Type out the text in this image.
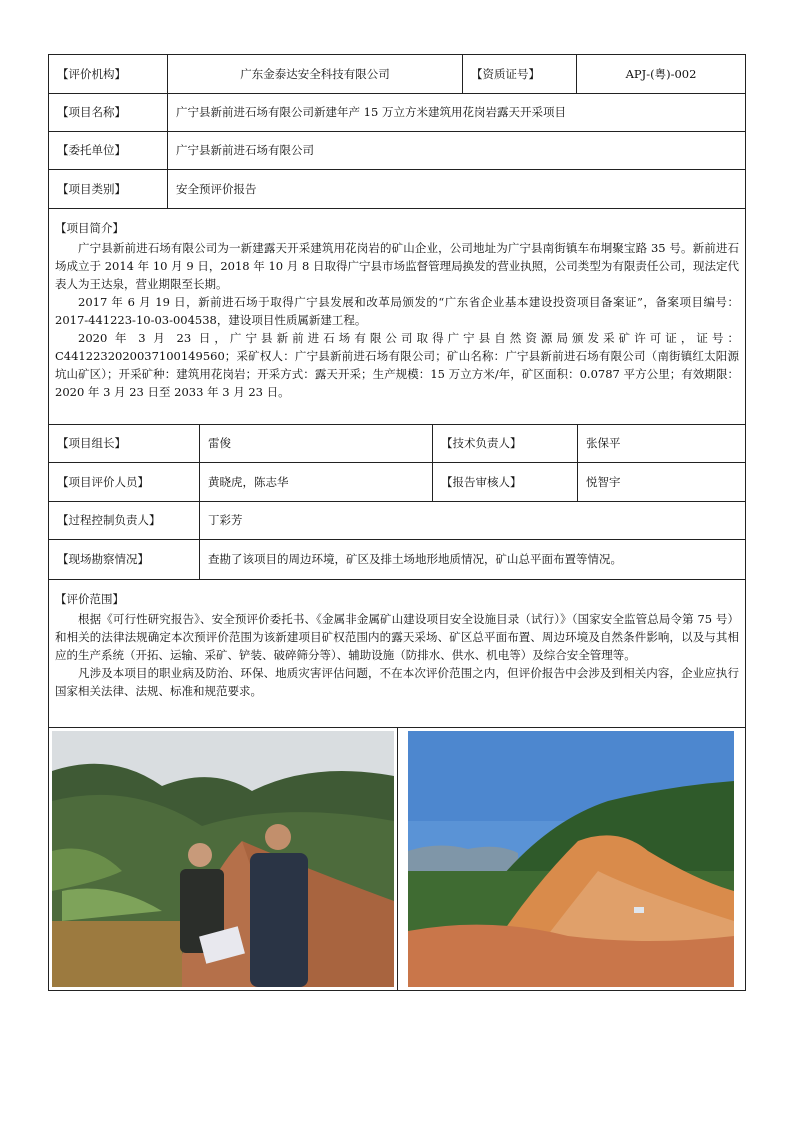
【评价机构】	广东金泰达安全科技有限公司	【资质证号】	APJ-(粤)-002
【项目名称】	广宁县新前进石场有限公司新建年产 15 万立方米建筑用花岗岩露天开采项目
【委托单位】	广宁县新前进石场有限公司
【项目类别】	安全预评价报告

【项目简介】

广宁县新前进石场有限公司为一新建露天开采建筑用花岗岩的矿山企业，公司地址为广宁县南街镇车布垌聚宝路 35 号。新前进石场成立于 2014 年 10 月 9 日，2018 年 10 月 8 日取得广宁县市场监督管理局换发的营业执照，公司类型为有限责任公司，现法定代表人为王达泉，营业期限至长期。

2017 年 6 月 19 日，新前进石场于取得广宁县发展和改革局颁发的“广东省企业基本建设投资项目备案证”，备案项目编号：2017-441223-10-03-004538，建设项目性质属新建工程。

2020 年 3 月 23 日，广宁县新前进石场有限公司取得广宁县自然资源局颁发采矿许可证，证号：C4412232020037100149560；采矿权人：广宁县新前进石场有限公司；矿山名称：广宁县新前进石场有限公司（南街镇红太阳源坑山矿区）；开采矿种：建筑用花岗岩；开采方式：露天开采；生产规模：15 万立方米/年，矿区面积：0.0787 平方公里；有效期限：2020 年 3 月 23 日至 2033 年 3 月 23 日。

【项目组长】	雷俊	【技术负责人】	张保平
【项目评价人员】	黄晓虎，陈志华	【报告审核人】	悦智宇
【过程控制负责人】	丁彩芳
【现场勘察情况】	查勘了该项目的周边环境，矿区及排土场地形地质情况，矿山总平面布置等情况。

【评价范围】

根据《可行性研究报告》、安全预评价委托书、《金属非金属矿山建设项目安全设施目录（试行）》（国家安全监管总局令第 75 号）和相关的法律法规确定本次预评价范围为该新建项目矿权范围内的露天采场、矿区总平面布置、周边环境及自然条件影响，以及与其相应的生产系统（开拓、运输、采矿、铲装、破碎筛分等）、辅助设施（防排水、供水、机电等）及综合安全管理等。

凡涉及本项目的职业病及防治、环保、地质灾害评估问题，不在本次评价范围之内，但评价报告中会涉及到相关内容，企业应执行国家相关法律、法规、标准和规范要求。
